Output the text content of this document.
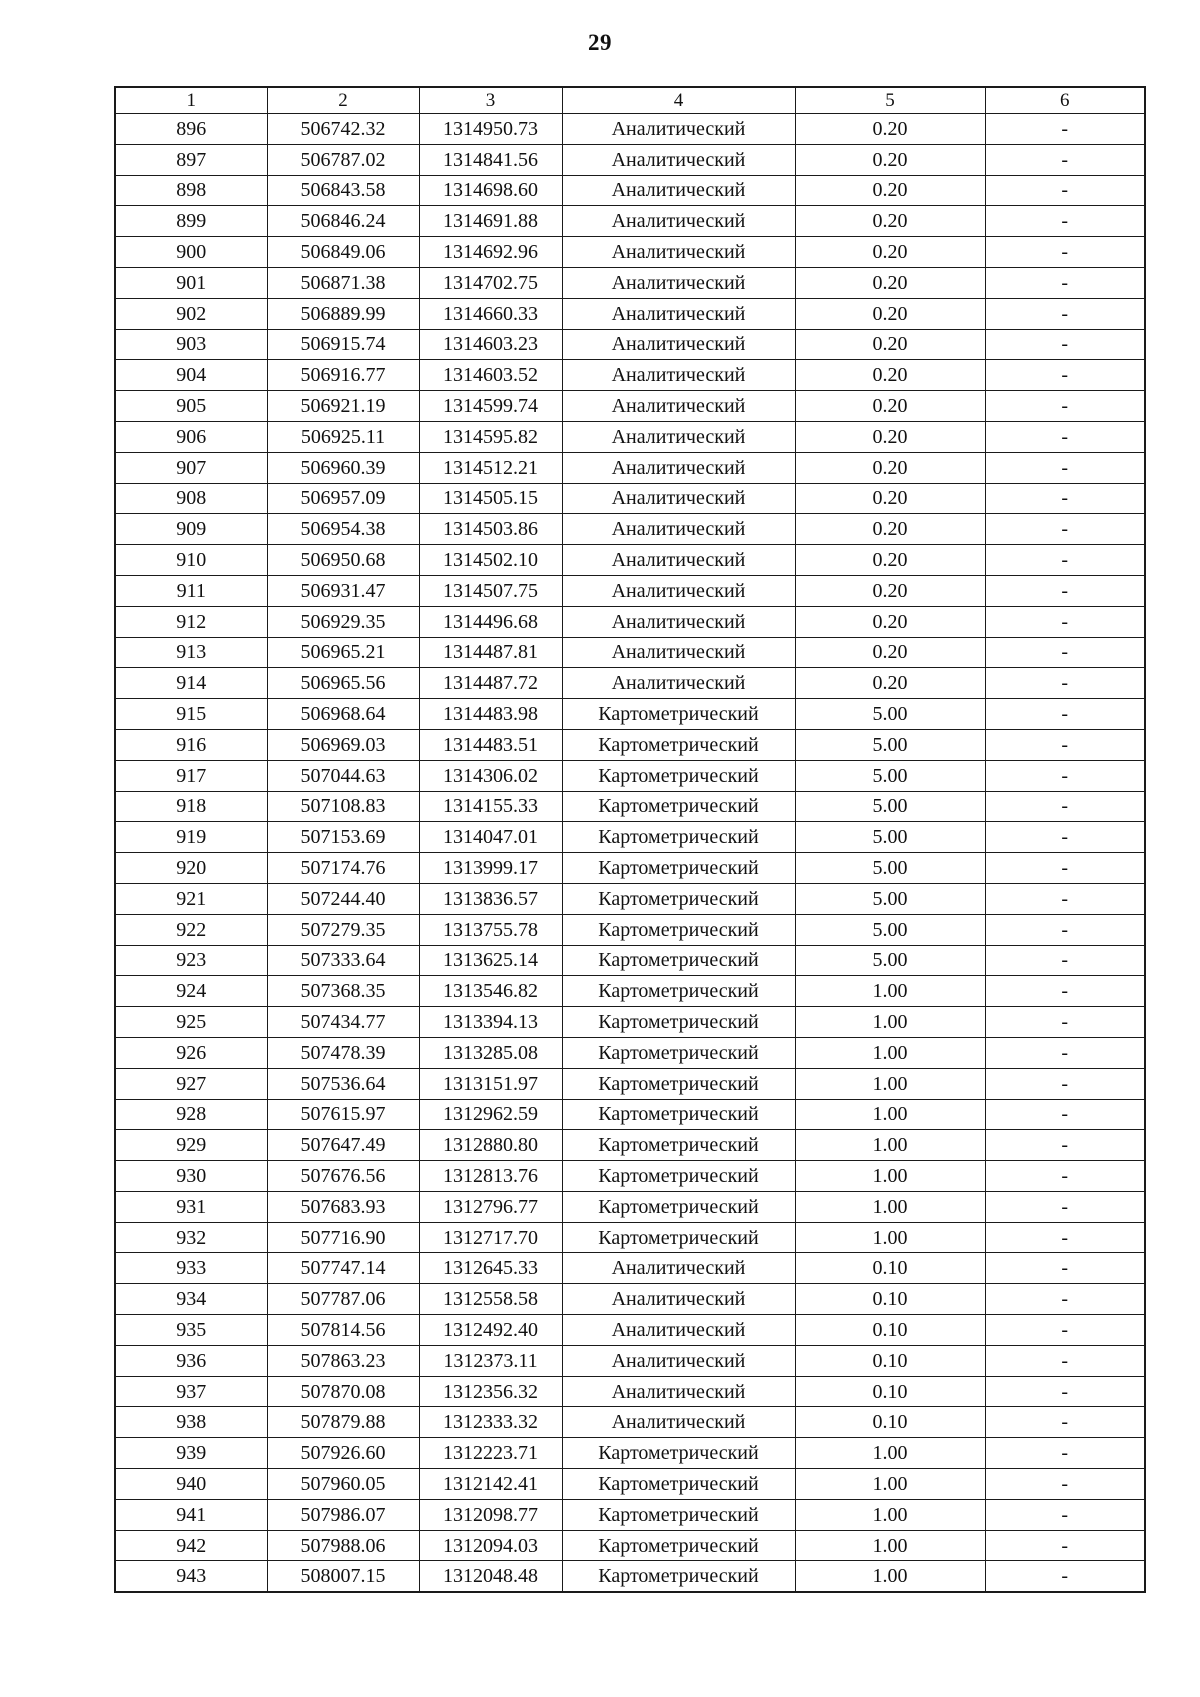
29
1	2	3	4	5	6
896	506742.32	1314950.73	Аналитический	0.20	-
897	506787.02	1314841.56	Аналитический	0.20	-
898	506843.58	1314698.60	Аналитический	0.20	-
899	506846.24	1314691.88	Аналитический	0.20	-
900	506849.06	1314692.96	Аналитический	0.20	-
901	506871.38	1314702.75	Аналитический	0.20	-
902	506889.99	1314660.33	Аналитический	0.20	-
903	506915.74	1314603.23	Аналитический	0.20	-
904	506916.77	1314603.52	Аналитический	0.20	-
905	506921.19	1314599.74	Аналитический	0.20	-
906	506925.11	1314595.82	Аналитический	0.20	-
907	506960.39	1314512.21	Аналитический	0.20	-
908	506957.09	1314505.15	Аналитический	0.20	-
909	506954.38	1314503.86	Аналитический	0.20	-
910	506950.68	1314502.10	Аналитический	0.20	-
911	506931.47	1314507.75	Аналитический	0.20	-
912	506929.35	1314496.68	Аналитический	0.20	-
913	506965.21	1314487.81	Аналитический	0.20	-
914	506965.56	1314487.72	Аналитический	0.20	-
915	506968.64	1314483.98	Картометрический	5.00	-
916	506969.03	1314483.51	Картометрический	5.00	-
917	507044.63	1314306.02	Картометрический	5.00	-
918	507108.83	1314155.33	Картометрический	5.00	-
919	507153.69	1314047.01	Картометрический	5.00	-
920	507174.76	1313999.17	Картометрический	5.00	-
921	507244.40	1313836.57	Картометрический	5.00	-
922	507279.35	1313755.78	Картометрический	5.00	-
923	507333.64	1313625.14	Картометрический	5.00	-
924	507368.35	1313546.82	Картометрический	1.00	-
925	507434.77	1313394.13	Картометрический	1.00	-
926	507478.39	1313285.08	Картометрический	1.00	-
927	507536.64	1313151.97	Картометрический	1.00	-
928	507615.97	1312962.59	Картометрический	1.00	-
929	507647.49	1312880.80	Картометрический	1.00	-
930	507676.56	1312813.76	Картометрический	1.00	-
931	507683.93	1312796.77	Картометрический	1.00	-
932	507716.90	1312717.70	Картометрический	1.00	-
933	507747.14	1312645.33	Аналитический	0.10	-
934	507787.06	1312558.58	Аналитический	0.10	-
935	507814.56	1312492.40	Аналитический	0.10	-
936	507863.23	1312373.11	Аналитический	0.10	-
937	507870.08	1312356.32	Аналитический	0.10	-
938	507879.88	1312333.32	Аналитический	0.10	-
939	507926.60	1312223.71	Картометрический	1.00	-
940	507960.05	1312142.41	Картометрический	1.00	-
941	507986.07	1312098.77	Картометрический	1.00	-
942	507988.06	1312094.03	Картометрический	1.00	-
943	508007.15	1312048.48	Картометрический	1.00	-
